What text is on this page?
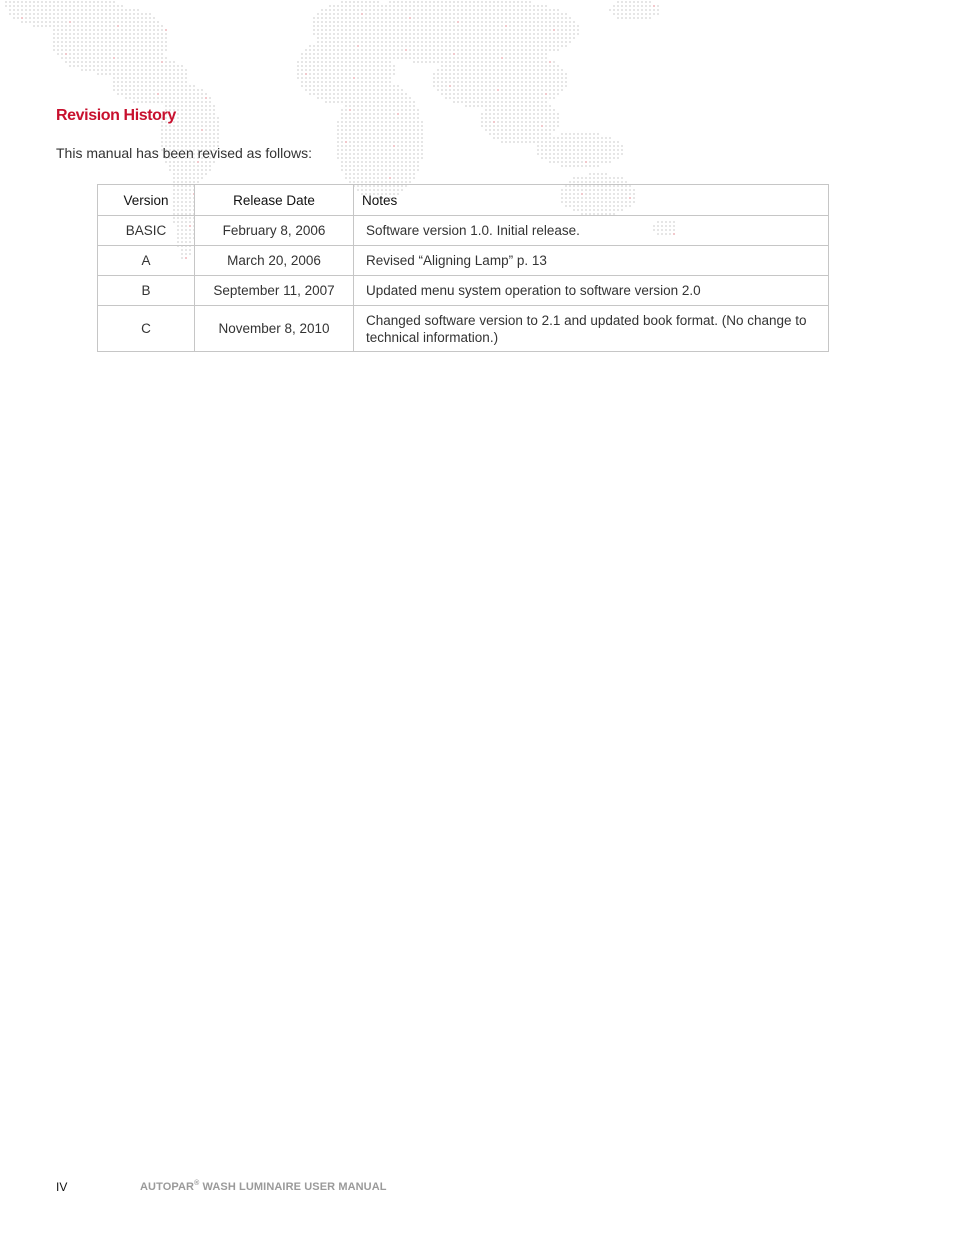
Revision History

This manual has been revised as follows:

Version	Release Date	Notes
BASIC	February 8, 2006	Software version 1.0. Initial release.
A	March 20, 2006	Revised “Aligning Lamp” p. 13
B	September 11, 2007	Updated menu system operation to software version 2.0
C	November 8, 2010	Changed software version to 2.1 and updated book format. (No change to technical information.)
IV	AUTOPAR® WASH LUMINAIRE USER MANUAL
